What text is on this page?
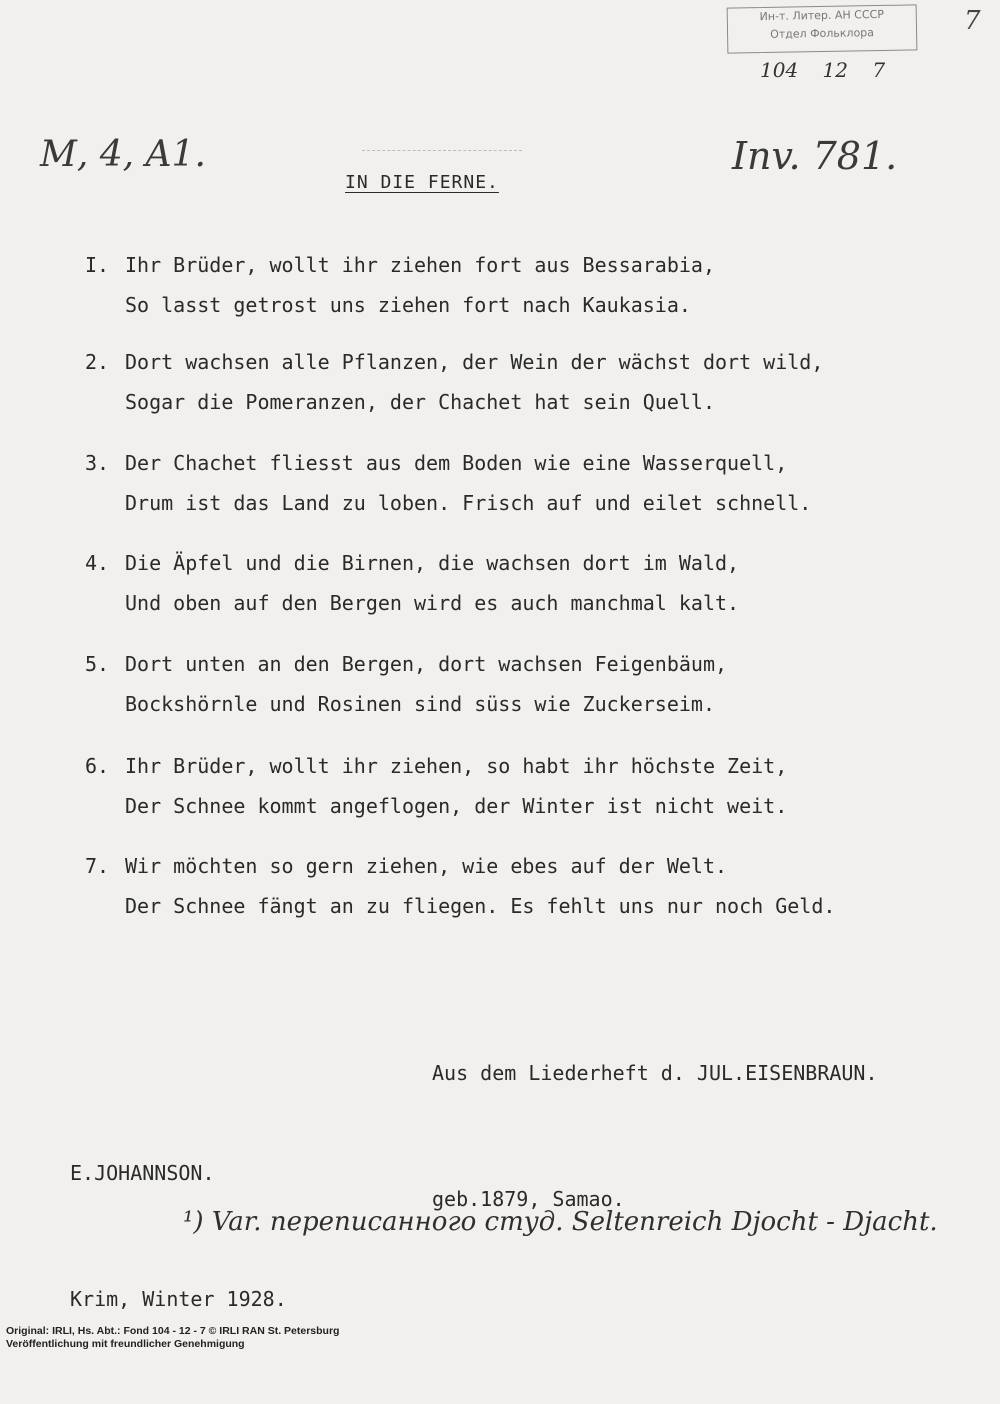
Ин-т. Литер. АН СССР
Отдел Фольклора
104 12 7
7
M, 4, A1.	Inv. 781.
IN DIE FERNE.
I. Ihr Brüder, wollt ihr ziehen fort aus Bessarabia,
So lasst getrost uns ziehen fort nach Kaukasia.
2. Dort wachsen alle Pflanzen, der Wein der wächst dort wild,
Sogar die Pomeranzen, der Chachet hat sein Quell.
3. Der Chachet fliesst aus dem Boden wie eine Wasserquell,
Drum ist das Land zu loben. Frisch auf und eilet schnell.
4. Die Äpfel und die Birnen, die wachsen dort im Wald,
Und oben auf den Bergen wird es auch manchmal kalt.
5. Dort unten an den Bergen, dort wachsen Feigenbäum,
Bockshörnle und Rosinen sind süss wie Zuckerseim.
6. Ihr Brüder, wollt ihr ziehen, so habt ihr höchste Zeit,
Der Schnee kommt angeflogen, der Winter ist nicht weit.
7. Wir möchten so gern ziehen, wie ebes auf der Welt.
Der Schnee fängt an zu fliegen. Es fehlt uns nur noch Geld.

Aus dem Liederheft d. JUL.EISENBRAUN.

geb.1879, Samao.

E.JOHANNSON.

Krim, Winter 1928.

¹) Var. переписанного студ. Seltenreich Djocht - Djacht.
Original: IRLI, Hs. Abt.: Fond 104 - 12 - 7 © IRLI RAN St. Petersburg
Veröffentlichung mit freundlicher Genehmigung
